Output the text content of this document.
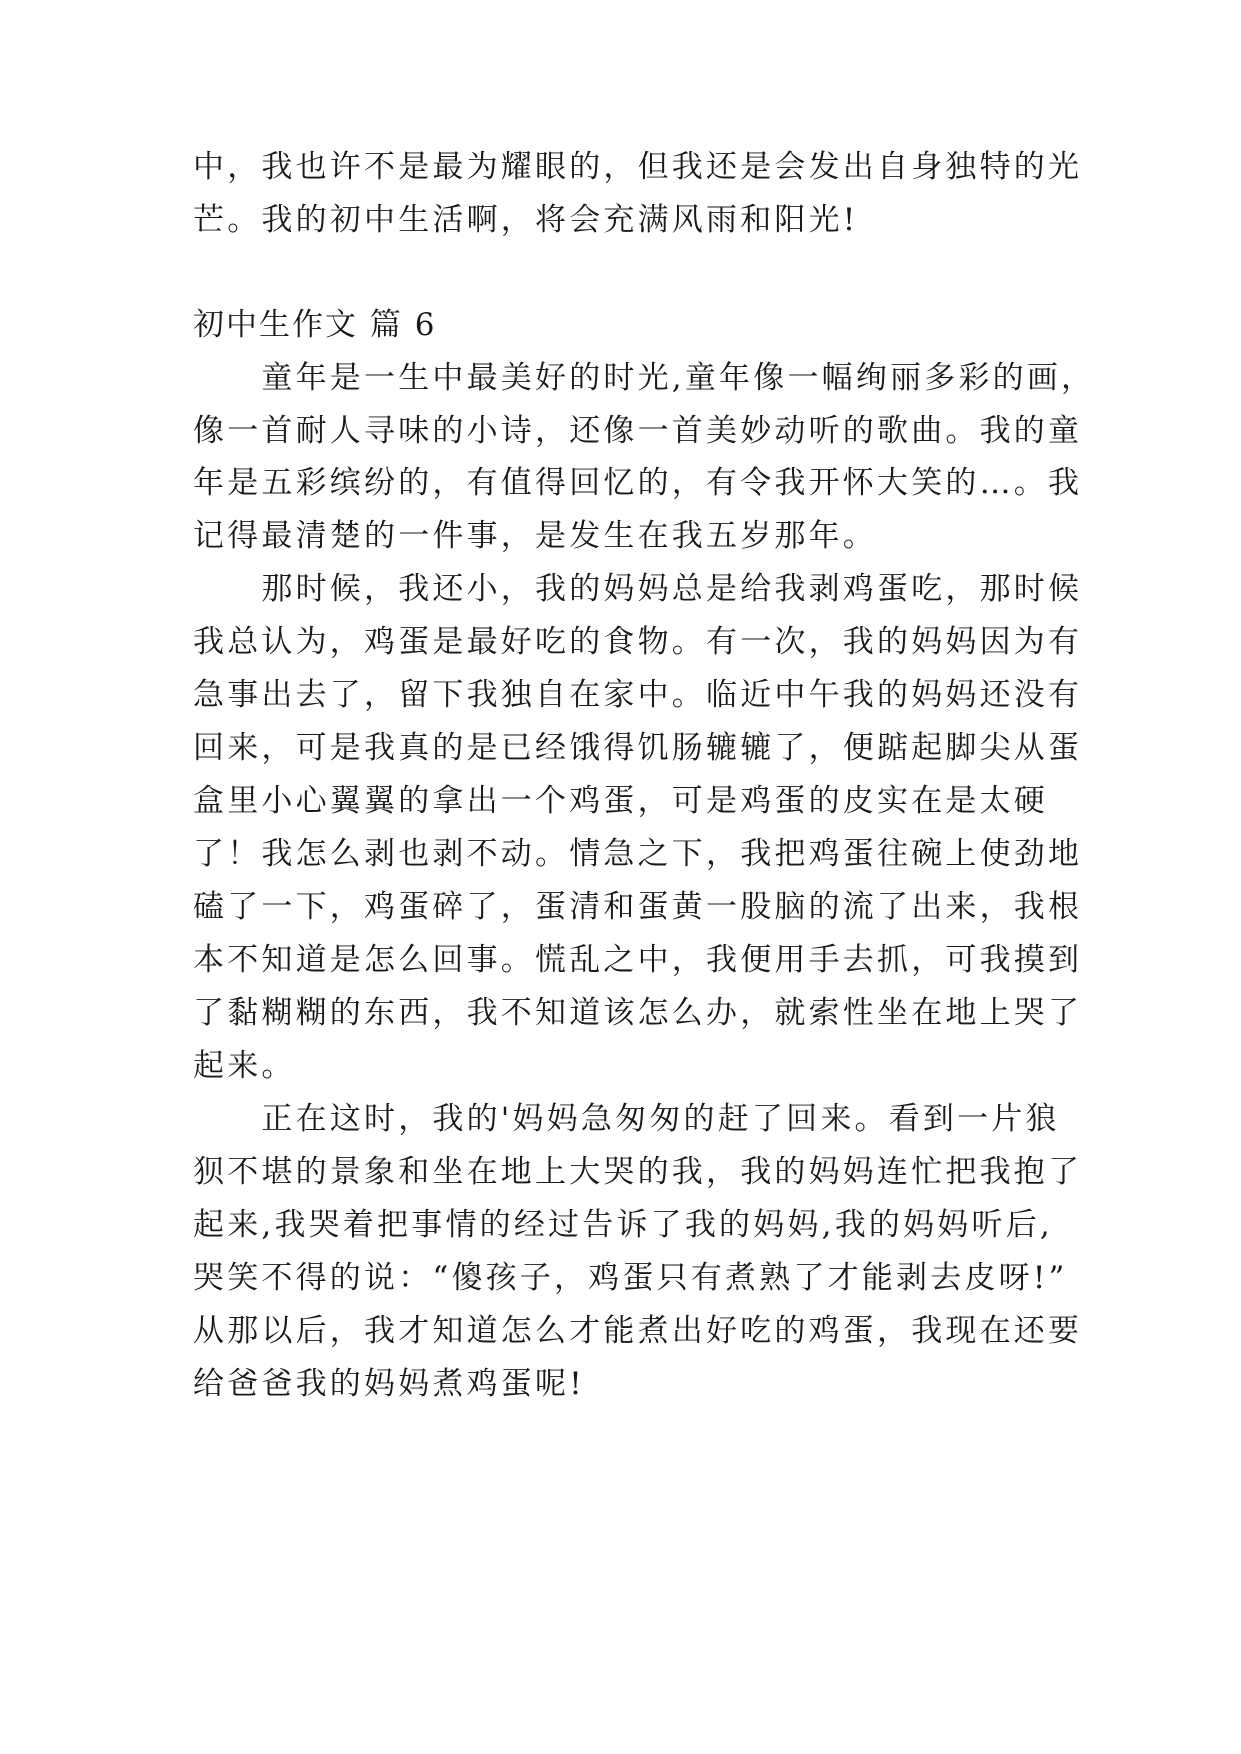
中，我也许不是最为耀眼的，但我还是会发出自身独特的光
芒。我的初中生活啊，将会充满风雨和阳光!
初中生作文 篇 6
　　童年是一生中最美好的时光,童年像一幅绚丽多彩的画，
像一首耐人寻味的小诗，还像一首美妙动听的歌曲。我的童
年是五彩缤纷的，有值得回忆的，有令我开怀大笑的…。我
记得最清楚的一件事，是发生在我五岁那年。
　　那时候，我还小，我的妈妈总是给我剥鸡蛋吃，那时候
我总认为，鸡蛋是最好吃的食物。有一次，我的妈妈因为有
急事出去了，留下我独自在家中。临近中午我的妈妈还没有
回来，可是我真的是已经饿得饥肠辘辘了，便踮起脚尖从蛋
盒里小心翼翼的拿出一个鸡蛋，可是鸡蛋的皮实在是太硬
了！我怎么剥也剥不动。情急之下，我把鸡蛋往碗上使劲地
磕了一下，鸡蛋碎了，蛋清和蛋黄一股脑的流了出来，我根
本不知道是怎么回事。慌乱之中，我便用手去抓，可我摸到
了黏糊糊的东西，我不知道该怎么办，就索性坐在地上哭了
起来。
　　正在这时，我的'妈妈急匆匆的赶了回来。看到一片狼
狈不堪的景象和坐在地上大哭的我，我的妈妈连忙把我抱了
起来,我哭着把事情的经过告诉了我的妈妈,我的妈妈听后,
哭笑不得的说：“傻孩子，鸡蛋只有煮熟了才能剥去皮呀!”
从那以后，我才知道怎么才能煮出好吃的鸡蛋，我现在还要
给爸爸我的妈妈煮鸡蛋呢!
